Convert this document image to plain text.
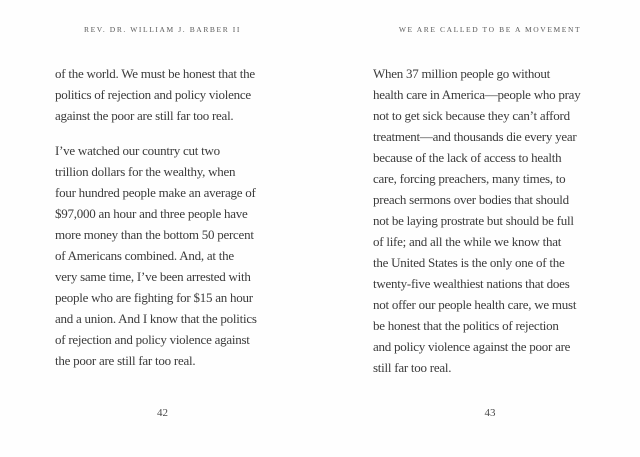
REV. DR. WILLIAM J. BARBER II
of the world. We must be honest that the
politics of rejection and policy violence
against the poor are still far too real.
I’ve watched our country cut two
trillion dollars for the wealthy, when
four hundred people make an average of
$97,000 an hour and three people have
more money than the bottom 50 percent
of Americans combined. And, at the
very same time, I’ve been arrested with
people who are fighting for $15 an hour
and a union. And I know that the politics
of rejection and policy violence against
the poor are still far too real.
42
WE ARE CALLED TO BE A MOVEMENT
When 37 million people go without
health care in America—people who pray
not to get sick because they can’t afford
treatment—and thousands die every year
because of the lack of access to health
care, forcing preachers, many times, to
preach sermons over bodies that should
not be laying prostrate but should be full
of life; and all the while we know that
the United States is the only one of the
twenty-five wealthiest nations that does
not offer our people health care, we must
be honest that the politics of rejection
and policy violence against the poor are
still far too real.
43
